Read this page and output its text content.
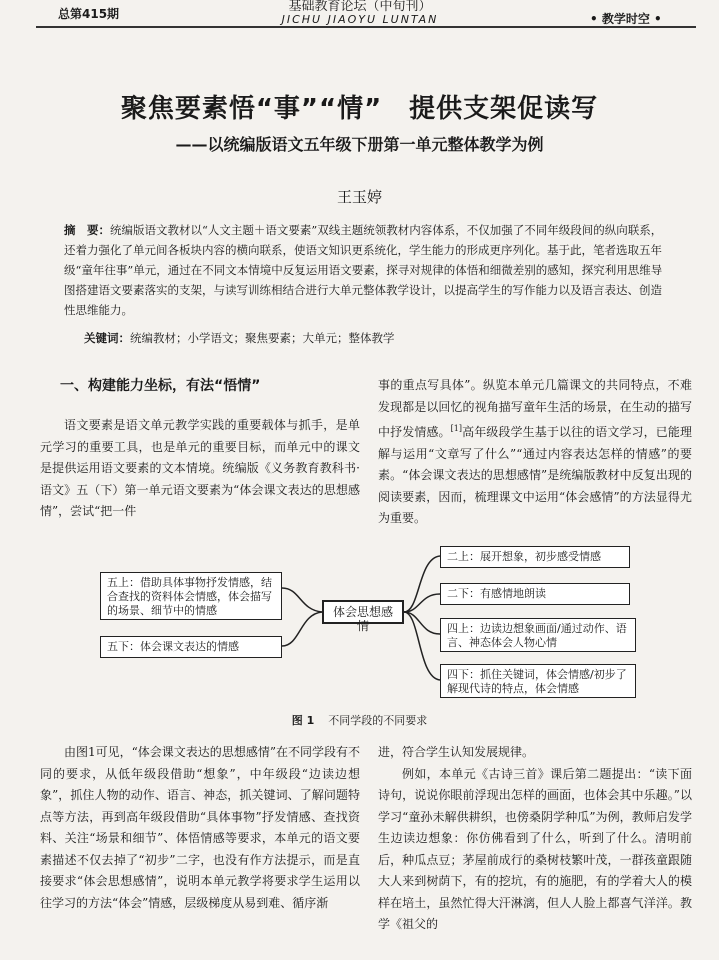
总第415期	基础教育论坛（中旬刊）
JICHU JIAOYU LUNTAN	• 教学时空 •
聚焦要素悟“事”“情”　提供支架促读写
——以统编版语文五年级下册第一单元整体教学为例
王玉婷
摘　要：统编版语文教材以“人文主题＋语文要素”双线主题统领教材内容体系，不仅加强了不同年级段间的纵向联系，还着力强化了单元间各板块内容的横向联系，使语文知识更系统化，学生能力的形成更序列化。基于此，笔者选取五年级“童年往事”单元，通过在不同文本情境中反复运用语文要素，探寻对规律的体悟和细微差别的感知，探究利用思维导图搭建语文要素落实的支架，与读写训练相结合进行大单元整体教学设计，以提高学生的写作能力以及语言表达、创造性思维能力。
关键词：统编教材；小学语文；聚焦要素；大单元；整体教学
一、构建能力坐标，有法“悟情”

语文要素是语文单元教学实践的重要载体与抓手，是单元学习的重要工具，也是单元的重要目标，而单元中的课文是提供运用语文要素的文本情境。统编版《义务教育教科书·语文》五（下）第一单元语文要素为“体会课文表达的思想感情”，尝试“把一件

事的重点写具体”。纵览本单元几篇课文的共同特点，不难发现都是以回忆的视角描写童年生活的场景，在生动的描写中抒发情感。[1]高年级段学生基于以往的语文学习，已能理解与运用“文章写了什么”“通过内容表达怎样的情感”的要素。“体会课文表达的思想感情”是统编版教材中反复出现的阅读要素，因而，梳理课文中运用“体会感情”的方法显得尤为重要。

五上：借助具体事物抒发情感，结合查找的资料体会情感，体会描写的场景、细节中的情感
五下：体会课文表达的情感
体会思想感情
二上：展开想象，初步感受情感
二下：有感情地朗读
四上：边读边想象画面/通过动作、语言、神态体会人物心情
四下：抓住关键词，体会情感/初步了解现代诗的特点，体会情感
图 1 不同学段的不同要求

由图1可见，“体会课文表达的思想感情”在不同学段有不同的要求，从低年级段借助“想象”，中年级段“边读边想象”，抓住人物的动作、语言、神态，抓关键词、了解问题特点等方法，再到高年级段借助“具体事物”抒发情感、查找资料、关注“场景和细节”、体悟情感等要求，本单元的语文要素描述不仅去掉了“初步”二字，也没有作方法提示，而是直接要求“体会思想感情”，说明本单元教学将要求学生运用以往学习的方法“体会”情感，层级梯度从易到难、循序渐

进，符合学生认知发展规律。

例如，本单元《古诗三首》课后第二题提出：“读下面诗句，说说你眼前浮现出怎样的画面，也体会其中乐趣。”以学习“童孙未解供耕织，也傍桑阴学种瓜”为例，教师启发学生边读边想象：你仿佛看到了什么，听到了什么。清明前后，种瓜点豆；茅屋前成行的桑树枝繁叶茂，一群孩童跟随大人来到树荫下，有的挖坑，有的施肥，有的学着大人的模样在培土，虽然忙得大汗淋漓，但人人脸上都喜气洋洋。教学《祖父的
